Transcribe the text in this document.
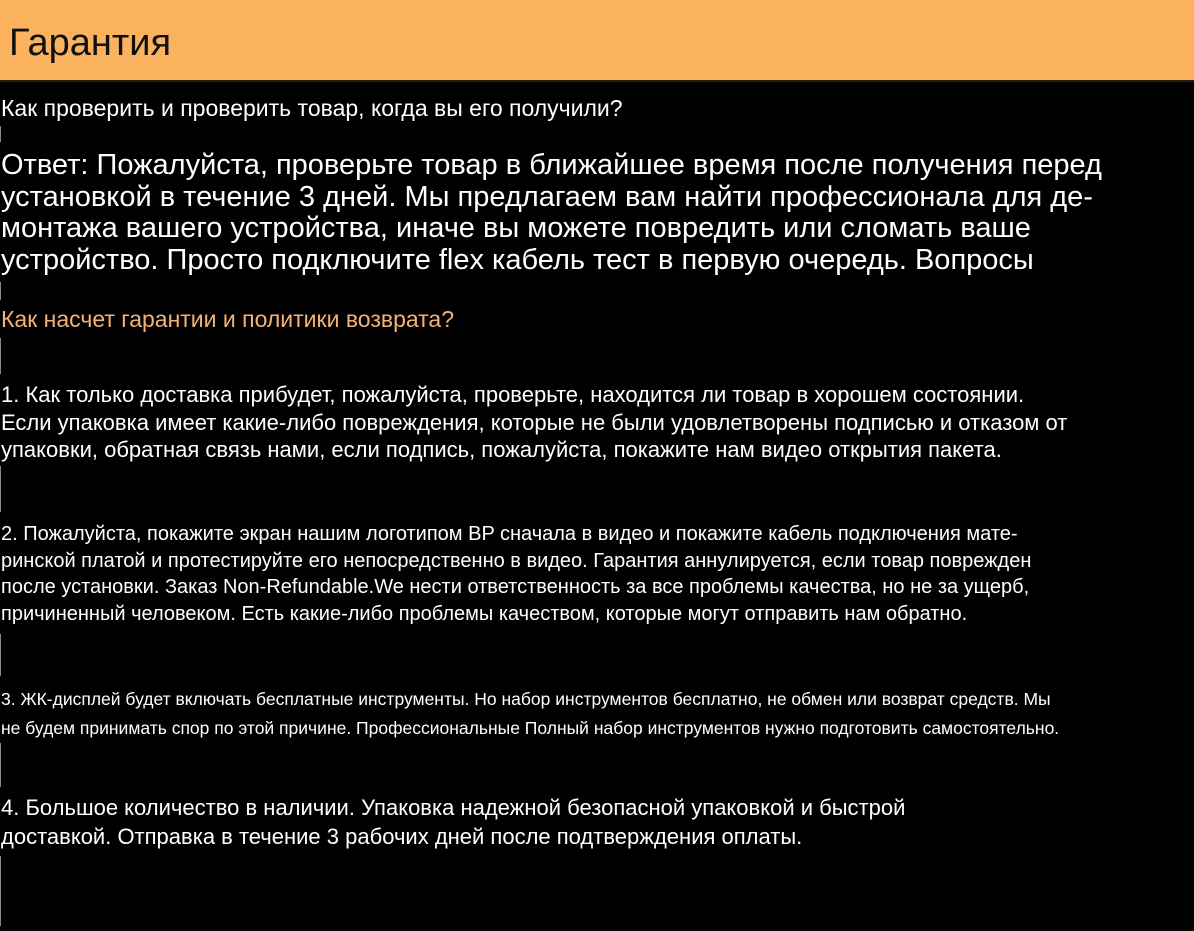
Гарантия

Как проверить и проверить товар, когда вы его получили?

Ответ: Пожалуйста, проверьте товар в ближайшее время после получения перед
установкой в течение 3 дней. Мы предлагаем вам найти профессионала для де-
монтажа вашего устройства, иначе вы можете повредить или сломать ваше
устройство. Просто подключите flex кабель тест в первую очередь. Вопросы

Как насчет гарантии и политики возврата?

1. Как только доставка прибудет, пожалуйста, проверьте, находится ли товар в хорошем состоянии.
Если упаковка имеет какие-либо повреждения, которые не были удовлетворены подписью и отказом от
упаковки, обратная связь нами, если подпись, пожалуйста, покажите нам видео открытия пакета.
2. Пожалуйста, покажите экран нашим логотипом BP сначала в видео и покажите кабель подключения мате-
ринской платой и протестируйте его непосредственно в видео. Гарантия аннулируется, если товар поврежден
после установки. Заказ Non-Refundable.We нести ответственность за все проблемы качества, но не за ущерб,
причиненный человеком. Есть какие-либо проблемы качеством, которые могут отправить нам обратно.
3. ЖК-дисплей будет включать бесплатные инструменты. Но набор инструментов бесплатно, не обмен или возврат средств. Мы
не будем принимать спор по этой причине. Профессиональные Полный набор инструментов нужно подготовить самостоятельно.
4. Большое количество в наличии. Упаковка надежной безопасной упаковкой и быстрой
доставкой. Отправка в течение 3 рабочих дней после подтверждения оплаты.
